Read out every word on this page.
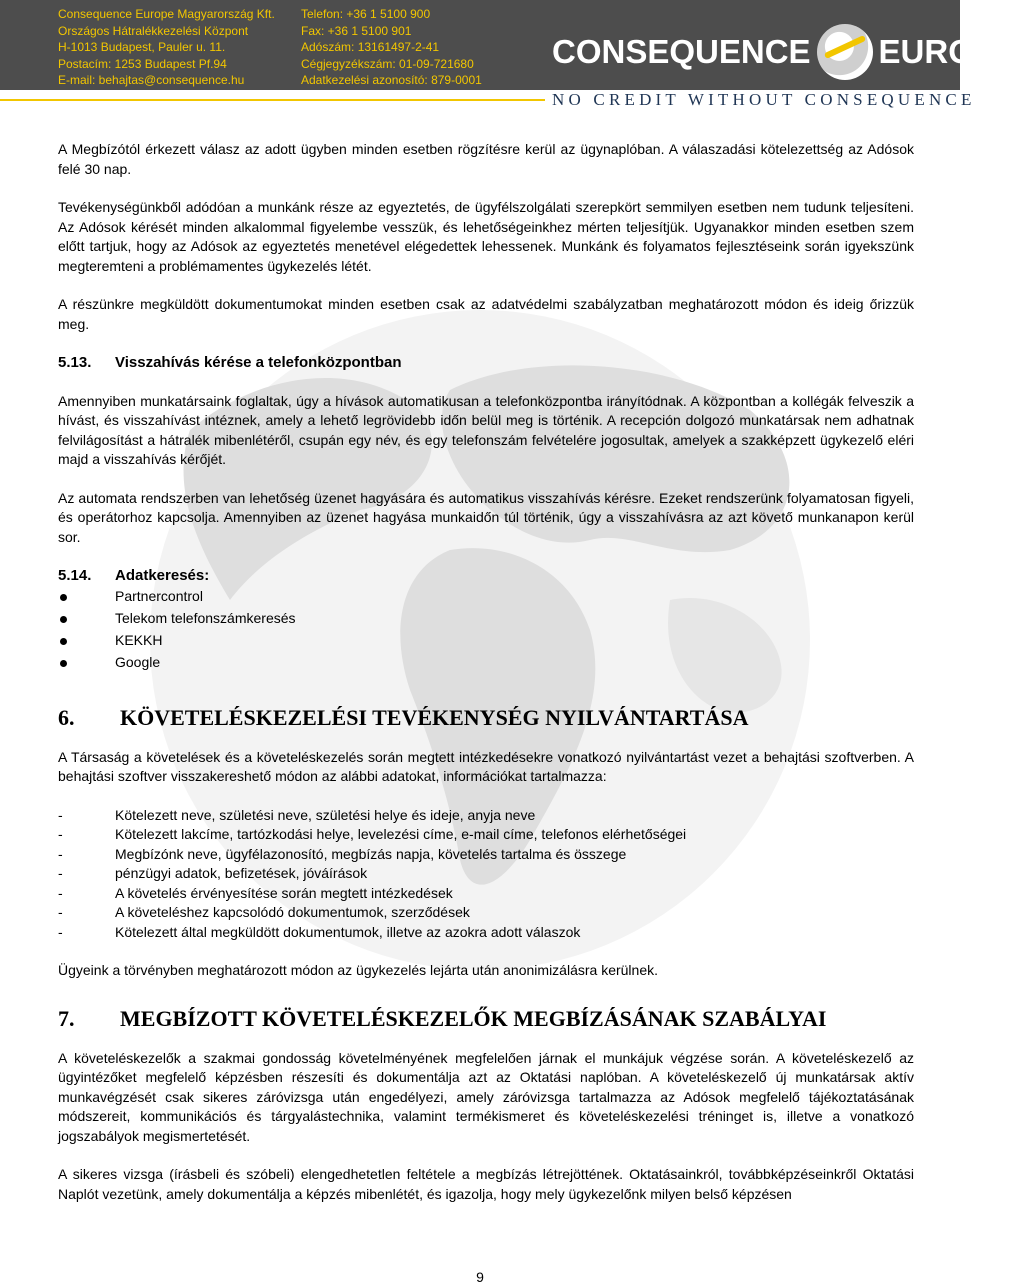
Consequence Europe Magyarország Kft.
Országos Hátralékkezelési Központ
H-1013 Budapest, Pauler u. 11.
Postacím: 1253 Budapest Pf.94
E-mail: behajtas@consequence.hu
Telefon: +36 1 5100 900
Fax: +36 1 5100 901
Adószám: 13161497-2-41
Cégjegyzékszám: 01-09-721680
Adatkezelési azonosító: 879-0001
CONSEQUENCE EUROPE
NO CREDIT WITHOUT CONSEQUENCE

A Megbízótól érkezett válasz az adott ügyben minden esetben rögzítésre kerül az ügynaplóban. A válaszadási kötelezettség az Adósok felé 30 nap.

Tevékenységünkből adódóan a munkánk része az egyeztetés, de ügyfélszolgálati szerepkört semmilyen esetben nem tudunk teljesíteni. Az Adósok kérését minden alkalommal figyelembe vesszük, és lehetőségeinkhez mérten teljesítjük. Ugyanakkor minden esetben szem előtt tartjuk, hogy az Adósok az egyeztetés menetével elégedettek lehessenek. Munkánk és folyamatos fejlesztéseink során igyekszünk megteremteni a problémamentes ügykezelés létét.

A részünkre megküldött dokumentumokat minden esetben csak az adatvédelmi szabályzatban meghatározott módon és ideig őrizzük meg.

5.13.	Visszahívás kérése a telefonközpontban

Amennyiben munkatársaink foglaltak, úgy a hívások automatikusan a telefonközpontba irányítódnak. A központban a kollégák felveszik a hívást, és visszahívást intéznek, amely a lehető legrövidebb időn belül meg is történik. A recepción dolgozó munkatársak nem adhatnak felvilágosítást a hátralék mibenlétéről, csupán egy név, és egy telefonszám felvételére jogosultak, amelyek a szakképzett ügykezelő eléri majd a visszahívás kérőjét.

Az automata rendszerben van lehetőség üzenet hagyására és automatikus visszahívás kérésre. Ezeket rendszerünk folyamatosan figyeli, és operátorhoz kapcsolja. Amennyiben az üzenet hagyása munkaidőn túl történik, úgy a visszahívásra az azt követő munkanapon kerül sor.

5.14.	Adatkeresés:
Partnercontrol
Telekom telefonszámkeresés
KEKKH
Google
6.	KÖVETELÉSKEZELÉSI TEVÉKENYSÉG NYILVÁNTARTÁSA

A Társaság a követelések és a követeléskezelés során megtett intézkedésekre vonatkozó nyilvántartást vezet a behajtási szoftverben. A behajtási szoftver visszakereshető módon az alábbi adatokat, információkat tartalmazza:

-	Kötelezett neve, születési neve, születési helye és ideje, anyja neve
-	Kötelezett lakcíme, tartózkodási helye, levelezési címe, e-mail címe, telefonos elérhetőségei
-	Megbízónk neve, ügyfélazonosító, megbízás napja, követelés tartalma és összege
-	pénzügyi adatok, befizetések, jóváírások
-	A követelés érvényesítése során megtett intézkedések
-	A követeléshez kapcsolódó dokumentumok, szerződések
-	Kötelezett által megküldött dokumentumok, illetve az azokra adott válaszok

Ügyeink a törvényben meghatározott módon az ügykezelés lejárta után anonimizálásra kerülnek.

7.	MEGBÍZOTT KÖVETELÉSKEZELŐK MEGBÍZÁSÁNAK SZABÁLYAI

A követeléskezelők a szakmai gondosság követelményének megfelelően járnak el munkájuk végzése során. A követeléskezelő az ügyintézőket megfelelő képzésben részesíti és dokumentálja azt az Oktatási naplóban. A követeléskezelő új munkatársak aktív munkavégzését csak sikeres záróvizsga után engedélyezi, amely záróvizsga tartalmazza az Adósok megfelelő tájékoztatásának módszereit, kommunikációs és tárgyalástechnika, valamint termékismeret és követeléskezelési tréninget is, illetve a vonatkozó jogszabályok megismertetését.

A sikeres vizsga (írásbeli és szóbeli) elengedhetetlen feltétele a megbízás létrejöttének. Oktatásainkról, továbbképzéseinkről Oktatási Naplót vezetünk, amely dokumentálja a képzés mibenlétét, és igazolja, hogy mely ügykezelőnk milyen belső képzésen

9
